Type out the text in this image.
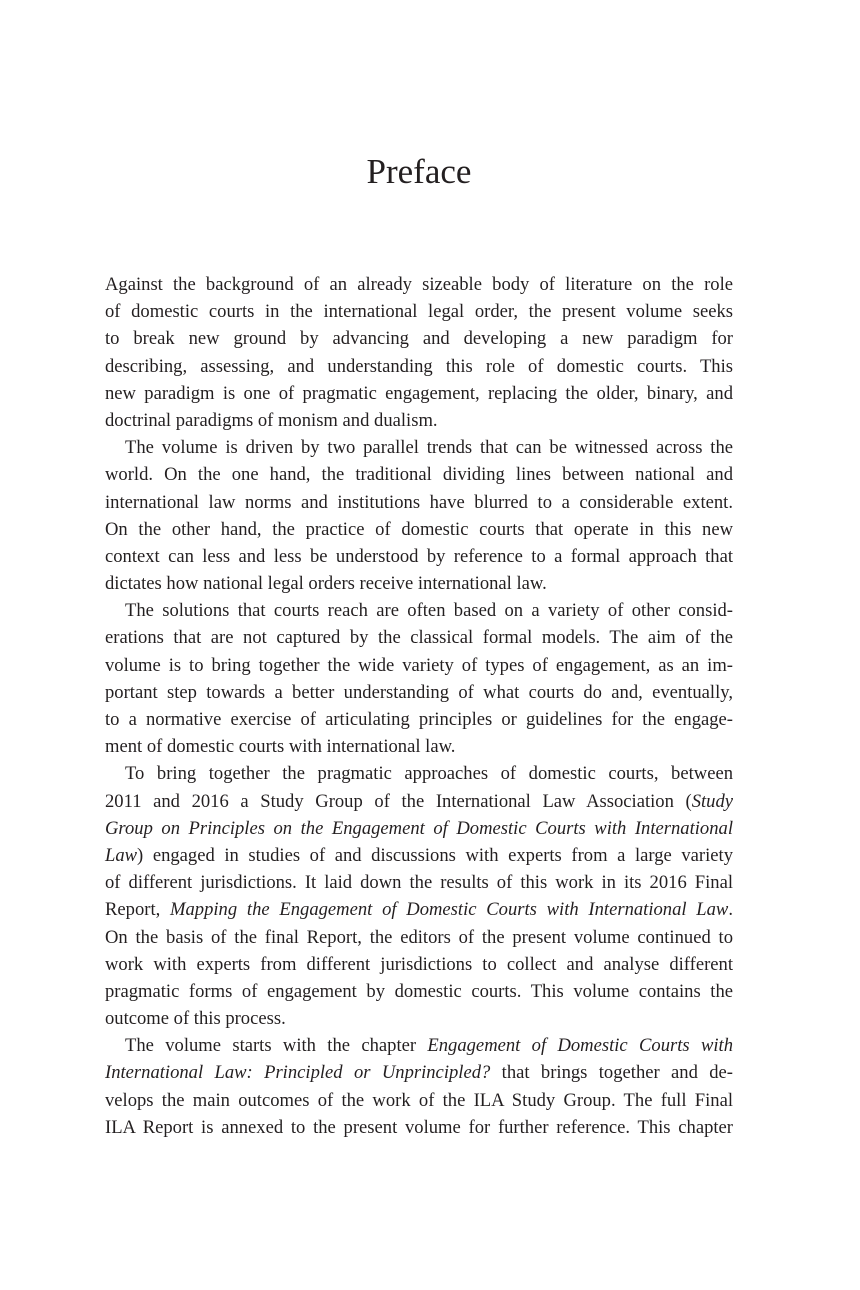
Preface
Against the background of an already sizeable body of literature on the role
of domestic courts in the international legal order, the present volume seeks
to break new ground by advancing and developing a new paradigm for
describing, assessing, and understanding this role of domestic courts. This
new paradigm is one of pragmatic engagement, replacing the older, binary, and
doctrinal paradigms of monism and dualism.
The volume is driven by two parallel trends that can be witnessed across the
world. On the one hand, the traditional dividing lines between national and
international law norms and institutions have blurred to a considerable extent.
On the other hand, the practice of domestic courts that operate in this new
context can less and less be understood by reference to a formal approach that
dictates how national legal orders receive international law.
The solutions that courts reach are often based on a variety of other consid-
erations that are not captured by the classical formal models. The aim of the
volume is to bring together the wide variety of types of engagement, as an im-
portant step towards a better understanding of what courts do and, eventually,
to a normative exercise of articulating principles or guidelines for the engage-
ment of domestic courts with international law.
To bring together the pragmatic approaches of domestic courts, between
2011 and 2016 a Study Group of the International Law Association (Study
Group on Principles on the Engagement of Domestic Courts with International
Law) engaged in studies of and discussions with experts from a large variety
of different jurisdictions. It laid down the results of this work in its 2016 Final
Report, Mapping the Engagement of Domestic Courts with International Law.
On the basis of the final Report, the editors of the present volume continued to
work with experts from different jurisdictions to collect and analyse different
pragmatic forms of engagement by domestic courts. This volume contains the
outcome of this process.
The volume starts with the chapter Engagement of Domestic Courts with
International Law: Principled or Unprincipled? that brings together and de-
velops the main outcomes of the work of the ILA Study Group. The full Final
ILA Report is annexed to the present volume for further reference. This chapter
